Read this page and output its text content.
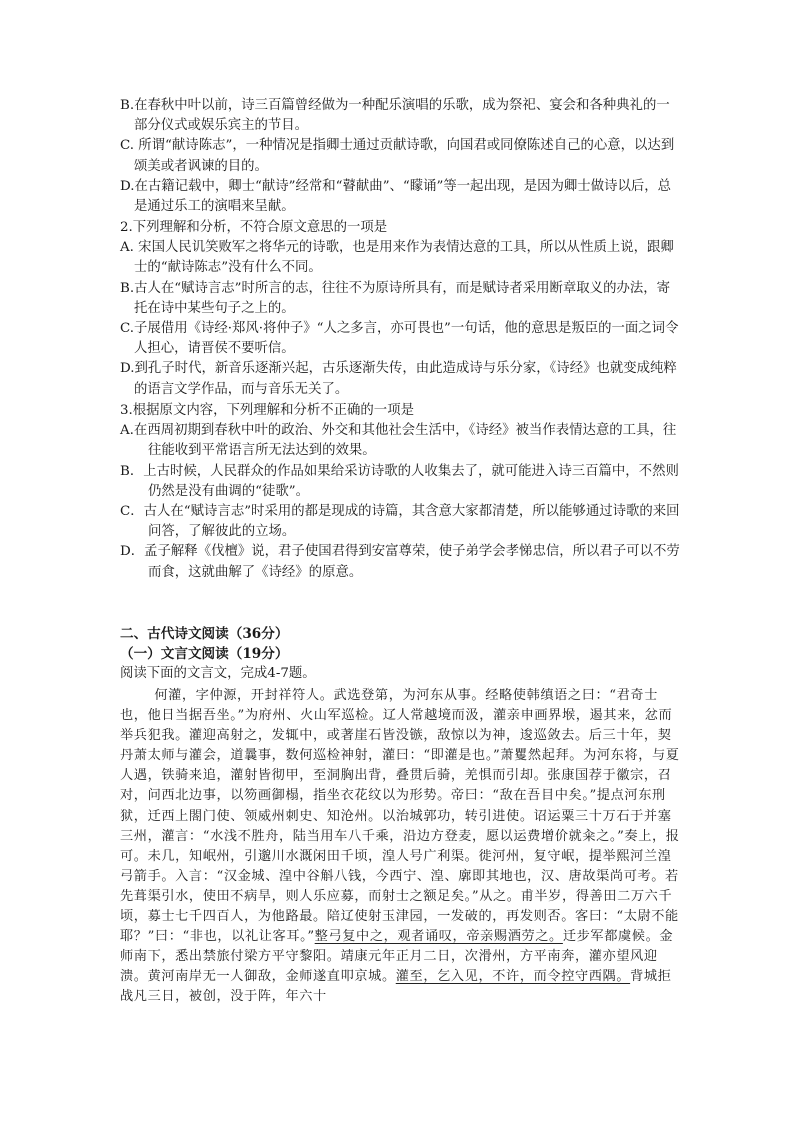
B.在春秋中叶以前，诗三百篇曾经做为一种配乐演唱的乐歌，成为祭祀、宴会和各种典礼的一部分仪式或娱乐宾主的节目。

C. 所谓“献诗陈志”，一种情况是指卿士通过贡献诗歌，向国君或同僚陈述自己的心意，以达到颂美或者讽谏的目的。

D.在古籍记载中，卿士“献诗”经常和“瞽献曲”、“矇诵”等一起出现，是因为卿士做诗以后，总是通过乐工的演唱来呈献。

2.下列理解和分析，不符合原文意思的一项是

A. 宋国人民讥笑败军之将华元的诗歌，也是用来作为表情达意的工具，所以从性质上说，跟卿士的“献诗陈志”没有什么不同。

B.古人在“赋诗言志”时所言的志，往往不为原诗所具有，而是赋诗者采用断章取义的办法，寄托在诗中某些句子之上的。

C.子展借用《诗经·郑风·将仲子》“人之多言，亦可畏也”一句话，他的意思是叛臣的一面之词令人担心，请晋侯不要听信。

D.到孔子时代，新音乐逐渐兴起，古乐逐渐失传，由此造成诗与乐分家，《诗经》也就变成纯粹的语言文学作品，而与音乐无关了。

3.根据原文内容，下列理解和分析不正确的一项是

A.在西周初期到春秋中叶的政治、外交和其他社会生活中，《诗经》被当作表情达意的工具，往往能收到平常语言所无法达到的效果。

B．上古时候，人民群众的作品如果给采访诗歌的人收集去了，就可能进入诗三百篇中，不然则仍然是没有曲调的“徒歌”。

C．古人在“赋诗言志”时采用的都是现成的诗篇，其含意大家都清楚，所以能够通过诗歌的来回问答，了解彼此的立场。

D．孟子解释《伐檀》说，君子使国君得到安富尊荣，使子弟学会孝悌忠信，所以君子可以不劳而食，这就曲解了《诗经》的原意。

二、古代诗文阅读（36分）

（一）文言文阅读（19分）

阅读下面的文言文，完成4-7题。

何灌，字仲源，开封祥符人。武选登第，为河东从事。经略使韩缜语之曰：“君奇士也，他日当据吾坐。”为府州、火山军巡检。辽人常越境而汲，灌亲申画界堠，遏其来，忿而举兵犯我。灌迎高射之，发辄中，或著崖石皆没镞，敌惊以为神，逡巡敛去。后三十年，契丹萧太师与灌会，道曩事，数何巡检神射，灌曰：“即灌是也。”萧矍然起拜。为河东将，与夏人遇，铁骑来追，灌射皆彻甲，至洞胸出背，叠贯后骑，羌惧而引却。张康国荐于徽宗，召对，问西北边事，以笏画御榻，指坐衣花纹以为形势。帝曰：“敌在吾目中矣。”提点河东刑狱，迁西上閤门使、领威州刺史、知沧州。以治城郭功，转引进使。诏运粟三十万石于并塞三州，灌言：“水浅不胜舟，陆当用车八千乘，沿边方登麦，愿以运费增价就籴之。”奏上，报可。未几，知岷州，引邈川水溉闲田千顷，湟人号广利渠。徙河州，复守岷，提举熙河兰湟弓箭手。入言：“汉金城、湟中谷斛八钱，今西宁、湟、廓即其地也，汉、唐故渠尚可考。若先葺渠引水，使田不病旱，则人乐应募，而射士之额足矣。”从之。甫半岁，得善田二万六千顷，募士七千四百人，为他路最。陪辽使射玉津园，一发破的，再发则否。客曰：“太尉不能耶？”曰：“非也，以礼让客耳。”整弓复中之，观者诵叹，帝亲赐酒劳之。迁步军都虞候。金师南下，悉出禁旅付梁方平守黎阳。靖康元年正月二日，次滑州，方平南奔，灌亦望风迎溃。黄河南岸无一人御敌，金师遂直叩京城。灌至，乞入见，不许，而令控守西隅。背城拒战凡三日，被创，没于阵，年六十
